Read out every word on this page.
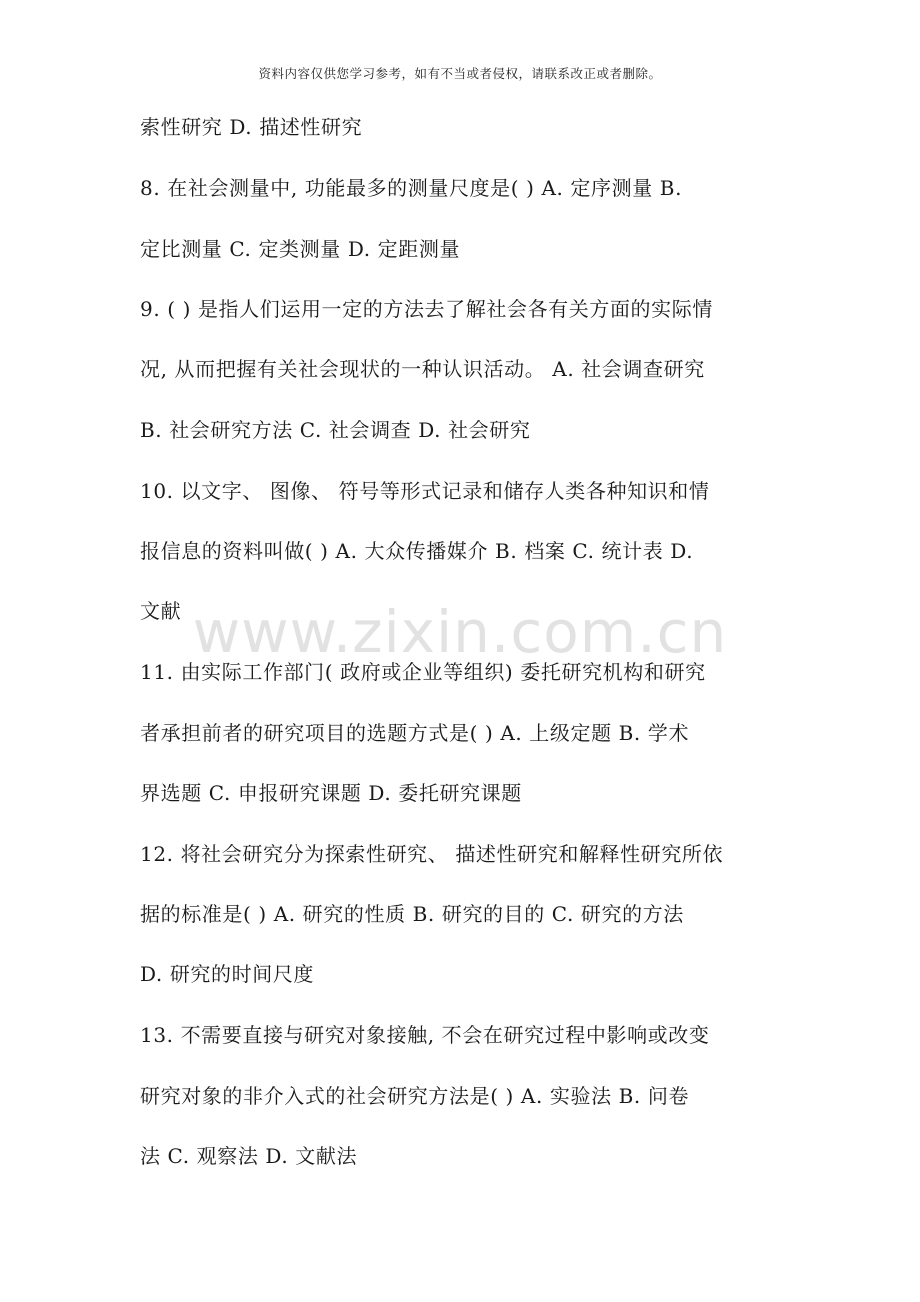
资料内容仅供您学习参考，如有不当或者侵权，请联系改正或者删除。
www.zixin.com.cn
索性研究 D. 描述性研究
8. 在社会测量中, 功能最多的测量尺度是( ) A. 定序测量 B.
定比测量 C. 定类测量 D. 定距测量
9. ( ) 是指人们运用一定的方法去了解社会各有关方面的实际情
况, 从而把握有关社会现状的一种认识活动。 A. 社会调查研究
B. 社会研究方法 C. 社会调查 D. 社会研究
10. 以文字、 图像、 符号等形式记录和储存人类各种知识和情
报信息的资料叫做( ) A. 大众传播媒介 B. 档案 C. 统计表 D.
文献
11. 由实际工作部门( 政府或企业等组织) 委托研究机构和研究
者承担前者的研究项目的选题方式是( ) A. 上级定题 B. 学术
界选题 C. 申报研究课题 D. 委托研究课题
12. 将社会研究分为探索性研究、 描述性研究和解释性研究所依
据的标准是( ) A. 研究的性质 B. 研究的目的 C. 研究的方法
D. 研究的时间尺度
13. 不需要直接与研究对象接触, 不会在研究过程中影响或改变
研究对象的非介入式的社会研究方法是( ) A. 实验法 B. 问卷
法 C. 观察法 D. 文献法
